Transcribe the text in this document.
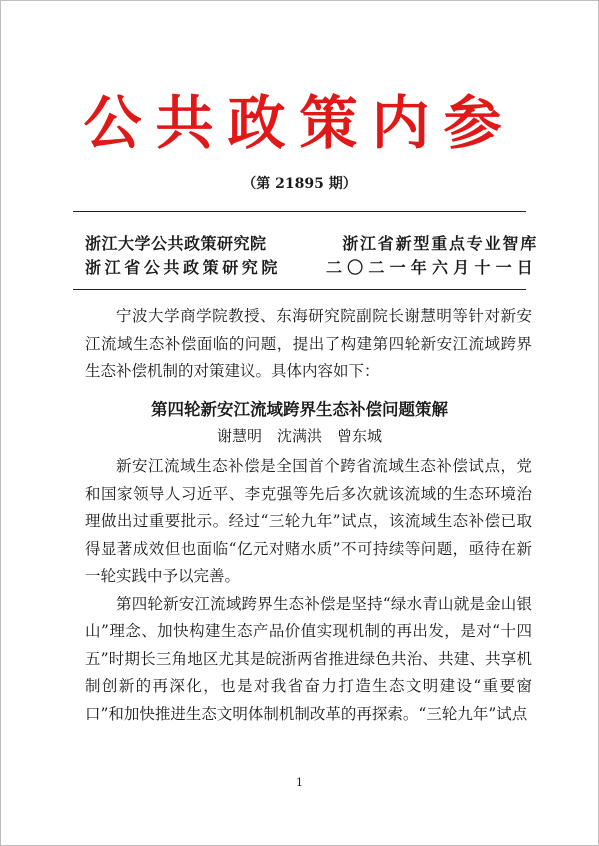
公共政策内参
（第 21895 期）
浙江大学公共政策研究院	浙江省新型重点专业智库
浙江省公共政策研究院	二〇二一年六月十一日

宁波大学商学院教授、东海研究院副院长谢慧明等针对新安江流域生态补偿面临的问题，提出了构建第四轮新安江流域跨界生态补偿机制的对策建议。具体内容如下：

第四轮新安江流域跨界生态补偿问题策解
谢慧明　沈满洪　曾东城

新安江流域生态补偿是全国首个跨省流域生态补偿试点，党和国家领导人习近平、李克强等先后多次就该流域的生态环境治理做出过重要批示。经过“三轮九年”试点，该流域生态补偿已取得显著成效但也面临“亿元对赌水质”不可持续等问题，亟待在新一轮实践中予以完善。

第四轮新安江流域跨界生态补偿是坚持“绿水青山就是金山银山”理念、加快构建生态产品价值实现机制的再出发，是对“十四五”时期长三角地区尤其是皖浙两省推进绿色共治、共建、共享机制创新的再深化，也是对我省奋力打造生态文明建设“重要窗口”和加快推进生态文明体制机制改革的再探索。“三轮九年”试点

1
